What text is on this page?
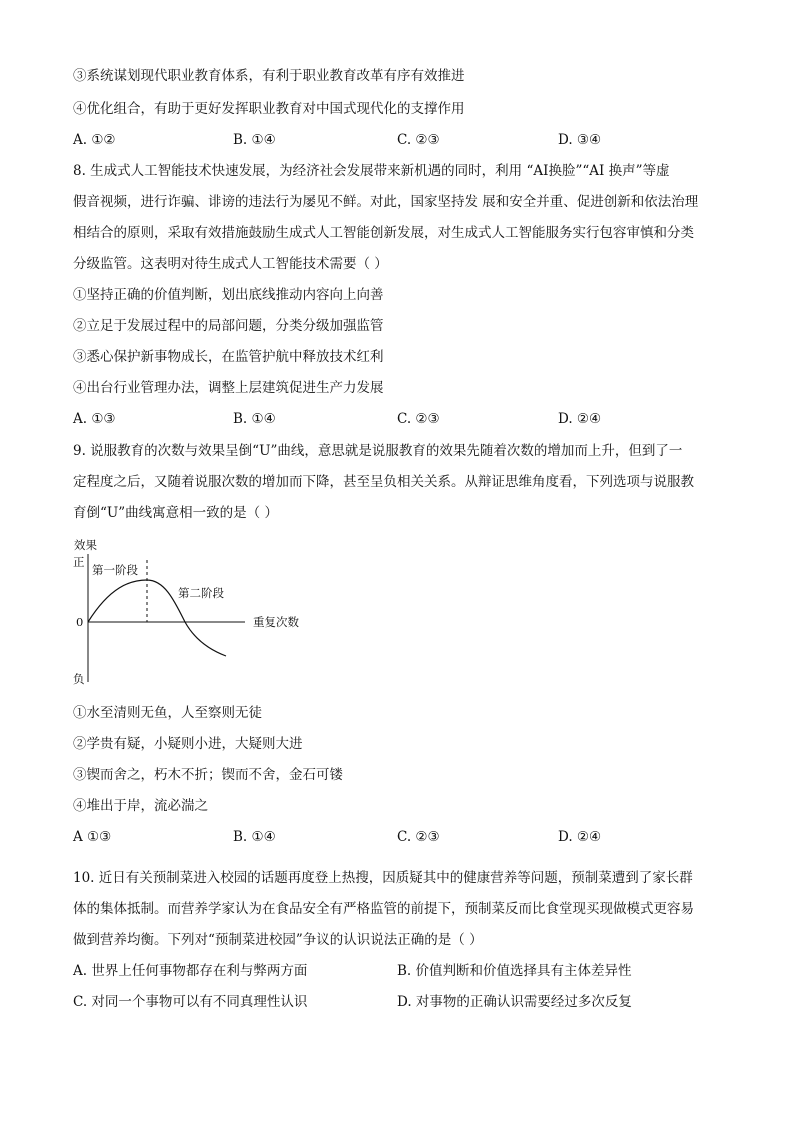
③系统谋划现代职业教育体系，有利于职业教育改革有序有效推进
④优化组合，有助于更好发挥职业教育对中国式现代化的支撑作用
A. ①②	B. ①④	C. ②③	D. ③④
8. 生成式人工智能技术快速发展，为经济社会发展带来新机遇的同时，利用 “AI换脸”“AI 换声”等虚
假音视频，进行诈骗、诽谤的违法行为屡见不鲜。对此，国家坚持发 展和安全并重、促进创新和依法治理
相结合的原则，采取有效措施鼓励生成式人工智能创新发展，对生成式人工智能服务实行包容审慎和分类
分级监管。这表明对待生成式人工智能技术需要（ ）
①坚持正确的价值判断，划出底线推动内容向上向善
②立足于发展过程中的局部问题，分类分级加强监管
③悉心保护新事物成长，在监管护航中释放技术红利
④出台行业管理办法，调整上层建筑促进生产力发展
A. ①③	B. ①④	C. ②③	D. ②④
9. 说服教育的次数与效果呈倒“U”曲线，意思就是说服教育的效果先随着次数的增加而上升，但到了一
定程度之后，又随着说服次数的增加而下降，甚至呈负相关关系。从辩证思维角度看，下列选项与说服教
育倒“U”曲线寓意相一致的是（ ）
效果
正
第一阶段
第二阶段
0	重复次数
负
①水至清则无鱼，人至察则无徒
②学贵有疑，小疑则小进，大疑则大进
③锲而舍之，朽木不折；锲而不舍，金石可镂
④堆出于岸，流必湍之
A ①③	B. ①④	C. ②③	D. ②④
10. 近日有关预制菜进入校园的话题再度登上热搜，因质疑其中的健康营养等问题，预制菜遭到了家长群
体的集体抵制。而营养学家认为在食品安全有严格监管的前提下，预制菜反而比食堂现买现做模式更容易
做到营养均衡。下列对“预制菜进校园”争议的认识说法正确的是（ ）
A. 世界上任何事物都存在利与弊两方面	B. 价值判断和价值选择具有主体差异性
C. 对同一个事物可以有不同真理性认识	D. 对事物的正确认识需要经过多次反复
